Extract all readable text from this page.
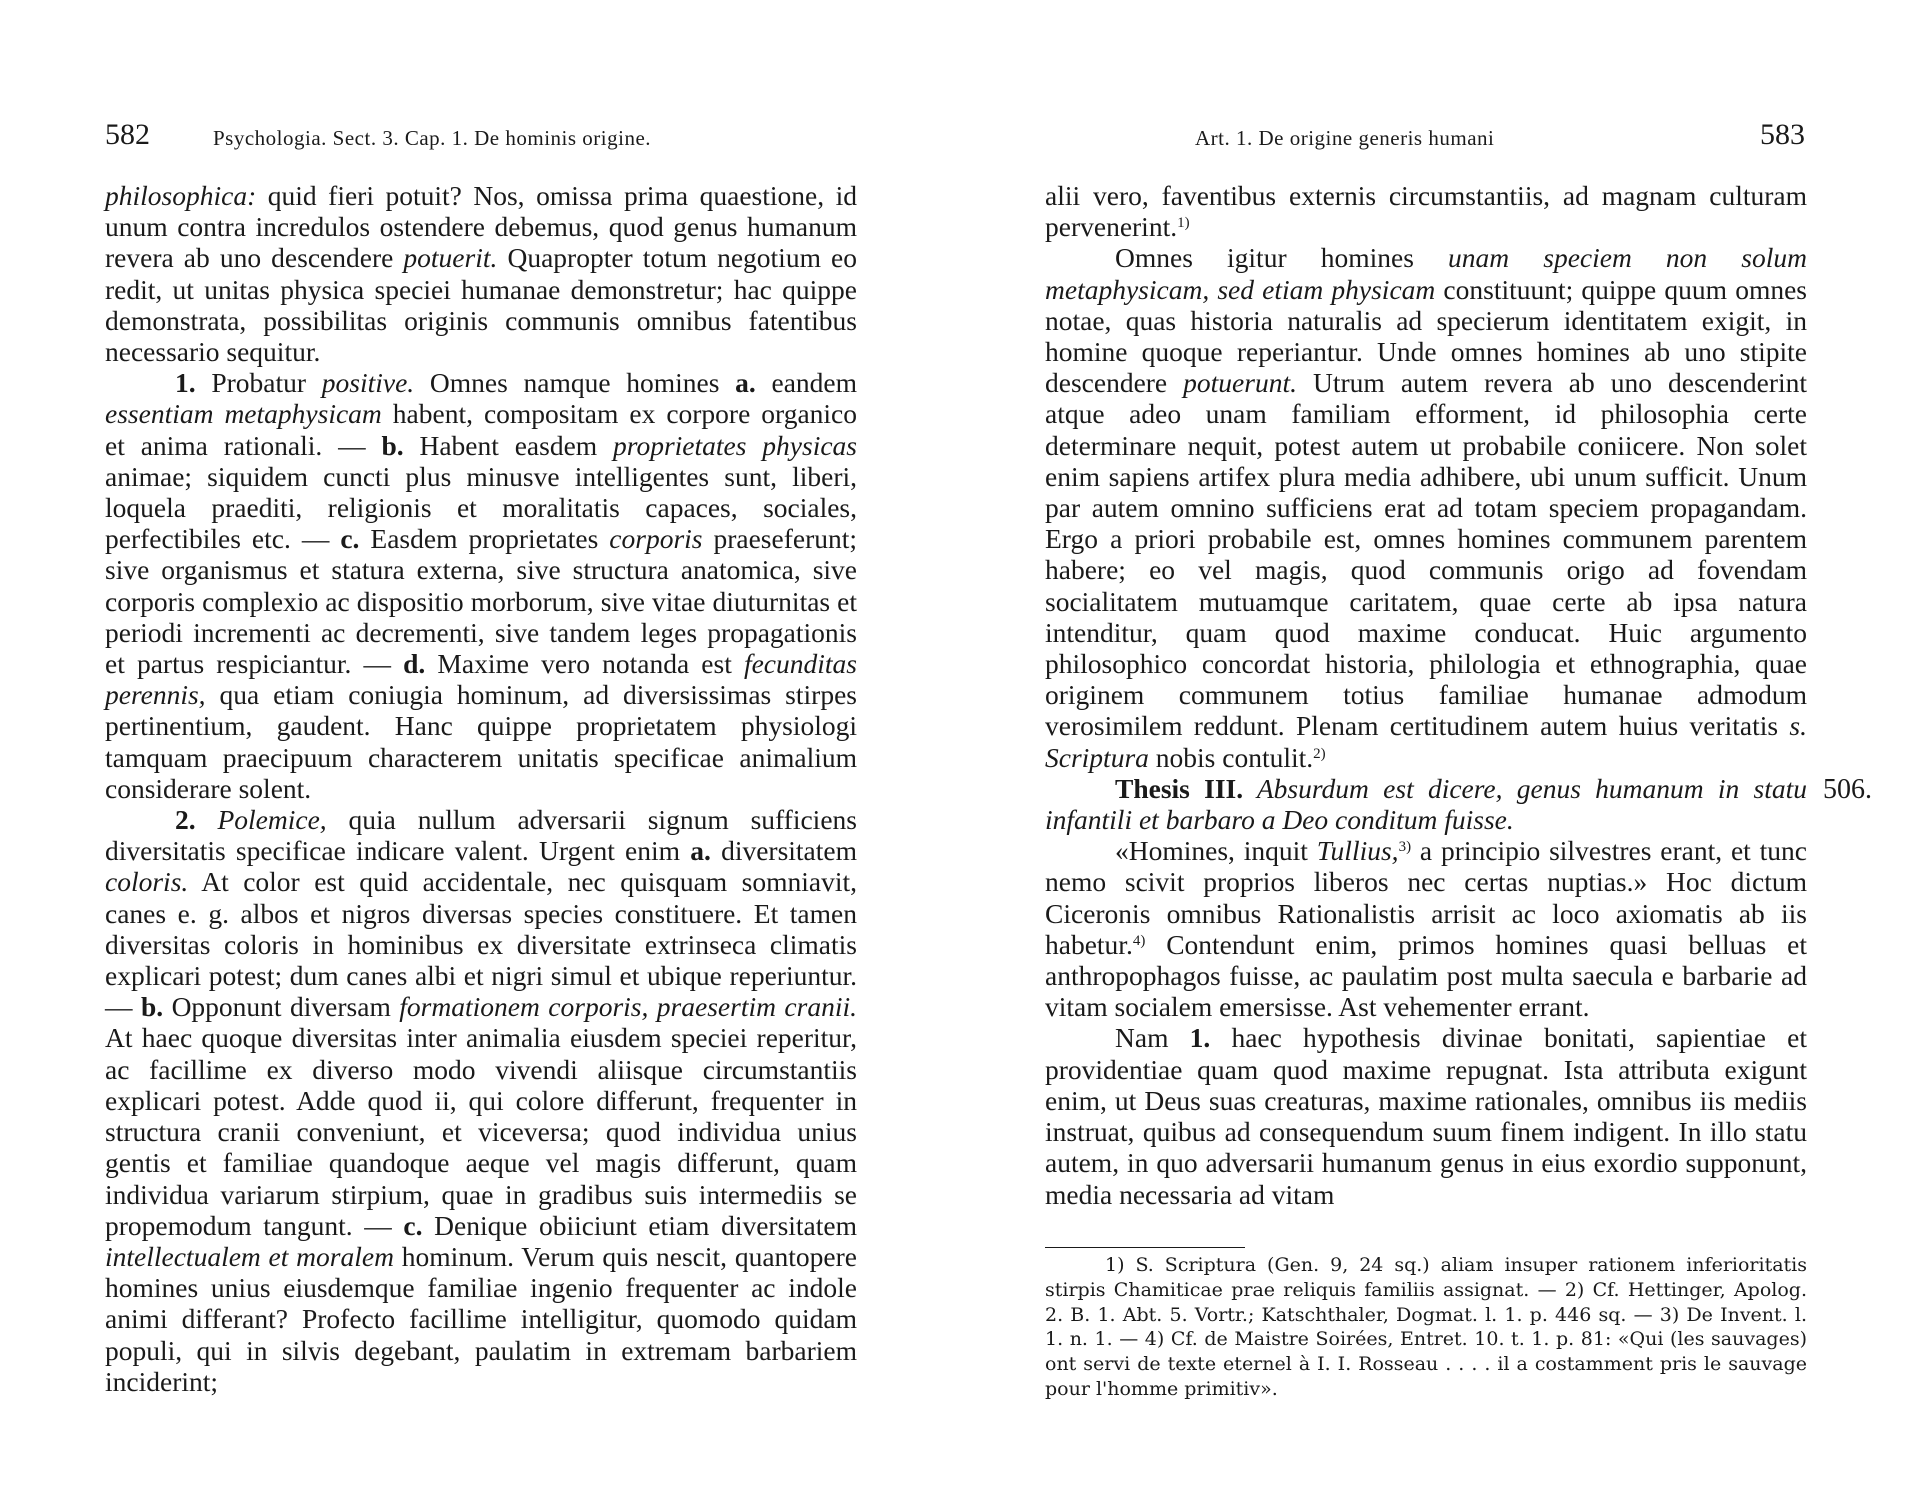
582	Psychologia. Sect. 3. Cap. 1. De hominis origine.

philosophica: quid fieri potuit? Nos, omissa prima quaestione, id unum contra incredulos ostendere debemus, quod genus humanum revera ab uno descendere potuerit. Quapropter totum negotium eo redit, ut unitas physica speciei humanae demonstretur; hac quippe demonstrata, possibilitas originis communis omnibus fatentibus necessario sequitur.

1. Probatur positive. Omnes namque homines a. eandem essentiam metaphysicam habent, compositam ex corpore organico et anima rationali. — b. Habent easdem proprietates physicas animae; siquidem cuncti plus minusve intelligentes sunt, liberi, loquela praediti, religionis et moralitatis capaces, sociales, perfectibiles etc. — c. Easdem proprietates corporis praeseferunt; sive organismus et statura externa, sive structura anatomica, sive corporis complexio ac dispositio morborum, sive vitae diuturnitas et periodi incrementi ac decrementi, sive tandem leges propagationis et partus respiciantur. — d. Maxime vero notanda est fecunditas perennis, qua etiam coniugia hominum, ad diversissimas stirpes pertinentium, gaudent. Hanc quippe proprietatem physiologi tamquam praecipuum characterem unitatis specificae animalium considerare solent.

2. Polemice, quia nullum adversarii signum sufficiens diversitatis specificae indicare valent. Urgent enim a. diversitatem coloris. At color est quid accidentale, nec quisquam somniavit, canes e. g. albos et nigros diversas species constituere. Et tamen diversitas coloris in hominibus ex diversitate extrinseca climatis explicari potest; dum canes albi et nigri simul et ubique reperiuntur. — b. Opponunt diversam formationem corporis, praesertim cranii. At haec quoque diversitas inter animalia eiusdem speciei reperitur, ac facillime ex diverso modo vivendi aliisque circumstantiis explicari potest. Adde quod ii, qui colore differunt, frequenter in structura cranii conveniunt, et viceversa; quod individua unius gentis et familiae quandoque aeque vel magis differunt, quam individua variarum stirpium, quae in gradibus suis intermediis se propemodum tangunt. — c. Denique obiiciunt etiam diversitatem intellectualem et moralem hominum. Verum quis nescit, quantopere homines unius eiusdemque familiae ingenio frequenter ac indole animi differant? Profecto facillime intelligitur, quomodo quidam populi, qui in silvis degebant, paulatim in extremam barbariem inciderint;

Art. 1. De origine generis humani	583

alii vero, faventibus externis circumstantiis, ad magnam culturam pervenerint.$^{1)}$

Omnes igitur homines unam speciem non solum metaphysicam, sed etiam physicam constituunt; quippe quum omnes notae, quas historia naturalis ad specierum identitatem exigit, in homine quoque reperiantur. Unde omnes homines ab uno stipite descendere potuerunt. Utrum autem revera ab uno descenderint atque adeo unam familiam efforment, id philosophia certe determinare nequit, potest autem ut probabile coniicere. Non solet enim sapiens artifex plura media adhibere, ubi unum sufficit. Unum par autem omnino sufficiens erat ad totam speciem propagandam. Ergo a priori probabile est, omnes homines communem parentem habere; eo vel magis, quod communis origo ad fovendam socialitatem mutuamque caritatem, quae certe ab ipsa natura intenditur, quam quod maxime conducat. Huic argumento philosophico concordat historia, philologia et ethnographia, quae originem communem totius familiae humanae admodum verosimilem reddunt. Plenam certitudinem autem huius veritatis s. Scriptura nobis contulit.$^{2)}$

Thesis III. Absurdum est dicere, genus humanum in statu infantili et barbaro a Deo conditum fuisse.

«Homines, inquit Tullius,$^{3)}$ a principio silvestres erant, et tunc nemo scivit proprios liberos nec certas nuptias.» Hoc dictum Ciceronis omnibus Rationalistis arrisit ac loco axiomatis ab iis habetur.$^{4)}$ Contendunt enim, primos homines quasi belluas et anthropophagos fuisse, ac paulatim post multa saecula e barbarie ad vitam socialem emersisse. Ast vehementer errant.

Nam 1. haec hypothesis divinae bonitati, sapientiae et providentiae quam quod maxime repugnat. Ista attributa exigunt enim, ut Deus suas creaturas, maxime rationales, omnibus iis mediis instruat, quibus ad consequendum suum finem indigent. In illo statu autem, in quo adversarii humanum genus in eius exordio supponunt, media necessaria ad vitam

506.

1) S. Scriptura (Gen. 9, 24 sq.) aliam insuper rationem inferioritatis stirpis Chamiticae prae reliquis familiis assignat. — 2) Cf. Hettinger, Apolog. 2. B. 1. Abt. 5. Vortr.; Katschthaler, Dogmat. l. 1. p. 446 sq. — 3) De Invent. l. 1. n. 1. — 4) Cf. de Maistre Soirées, Entret. 10. t. 1. p. 81: «Qui (les sauvages) ont servi de texte eternel à I. I. Rosseau . . . . il a costamment pris le sauvage pour l'homme primitiv».
